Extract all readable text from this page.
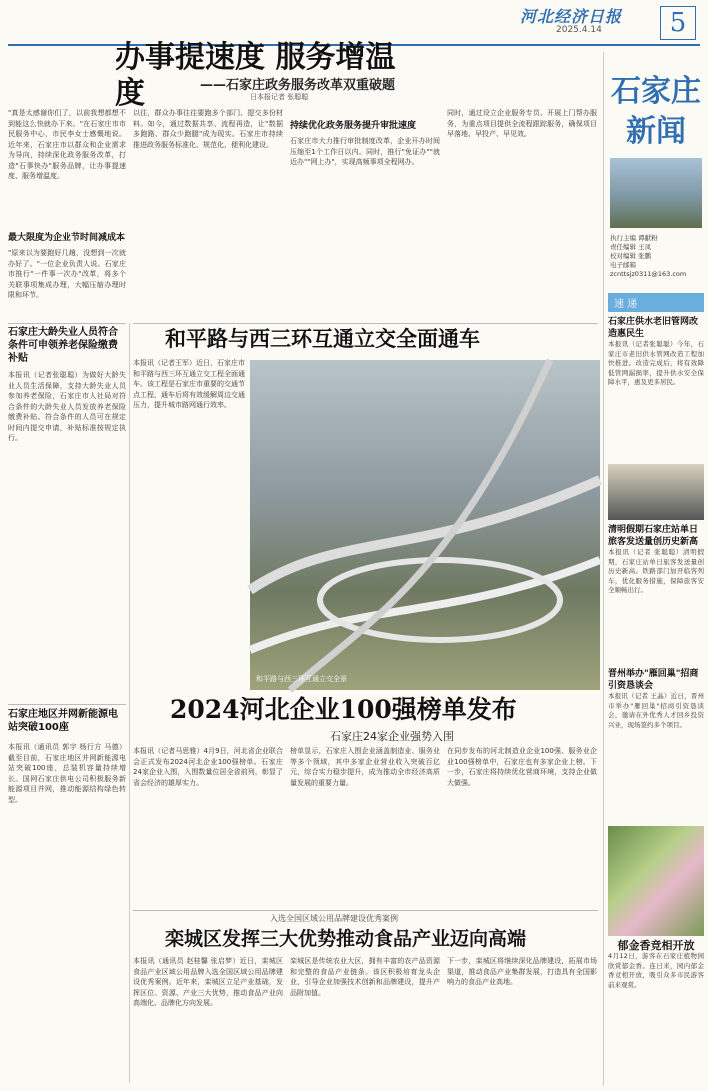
河北经济日报
2025.4.14	5
办事提速度 服务增温度	——石家庄政务服务改革双重破题
日本报记者 张聪聪
"真是太感谢你们了，以前我想都想不到能这么快就办下来。"在石家庄市市民服务中心，市民李女士感慨地说。近年来，石家庄市以群众和企业需求为导向，持续深化政务服务改革，打造"石事快办"服务品牌，让办事提速度、服务增温度。
最大限度为企业节时间减成本
"原来以为要跑好几趟，没想到一次就办好了。"一位企业负责人说。石家庄市推行"一件事一次办"改革，将多个关联事项集成办理，大幅压缩办理时限和环节。
以往，群众办事往往要跑多个部门、提交多份材料。如今，通过数据共享、流程再造，让"数据多跑路、群众少跑腿"成为现实。石家庄市持续推进政务服务标准化、规范化、便利化建设。
持续优化政务服务提升审批速度
石家庄市大力推行审批制度改革，企业开办时间压缩至1个工作日以内。同时，推行"免证办""就近办""网上办"，实现高频事项全程网办。
同时，通过设立企业服务专员、开展上门帮办服务，为重点项目提供全流程跟踪服务，确保项目早落地、早投产、早见效。
石家庄大龄失业人员符合条件可申领养老保险缴费补贴
本报讯（记者张聪聪）为做好大龄失业人员生活保障，支持大龄失业人员参加养老保险，石家庄市人社局对符合条件的大龄失业人员发放养老保险缴费补贴。符合条件的人员可在规定时间内提交申请，补贴标准按规定执行。
石家庄地区并网新能源电站突破100座
本报讯（通讯员 郭宇 杨行方 马德）截至目前，石家庄地区并网新能源电站突破100座，总装机容量持续增长。国网石家庄供电公司积极服务新能源项目并网，推动能源结构绿色转型。
和平路与西三环互通立交全面通车
本报讯（记者王军）近日，石家庄市和平路与西三环互通立交工程全面通车。该工程是石家庄市重要的交通节点工程，通车后将有效缓解周边交通压力，提升城市路网通行效率。
和平路与西三环互通立交全景
2024河北企业100强榜单发布
石家庄24家企业强势入围
本报讯（记者马思雅）4月9日，河北省企业联合会正式发布2024河北企业100强榜单。石家庄24家企业入围，入围数量位居全省前列，彰显了省会经济的雄厚实力。
榜单显示，石家庄入围企业涵盖制造业、服务业等多个领域，其中多家企业营业收入突破百亿元，综合实力稳步提升，成为推动全市经济高质量发展的重要力量。
在同步发布的河北制造业企业100强、服务业企业100强榜单中，石家庄也有多家企业上榜。下一步，石家庄将持续优化营商环境，支持企业做大做强。
入选全国区域公用品牌建设优秀案例
栾城区发挥三大优势推动食品产业迈向高端
本报讯（通讯员 赵桂馨 张启梦）近日，栾城区食品产业区域公用品牌入选全国区域公用品牌建设优秀案例。近年来，栾城区立足产业基础，发挥区位、资源、产业三大优势，推动食品产业向高端化、品牌化方向发展。
栾城区是传统农业大区，拥有丰富的农产品资源和完整的食品产业链条。该区积极培育龙头企业，引导企业加强技术创新和品牌建设，提升产品附加值。
下一步，栾城区将继续深化品牌建设，拓展市场渠道，推动食品产业集群发展，打造具有全国影响力的食品产业高地。
石家庄
新闻
执行主编 谭献粉
责任编辑 王凤
校对编辑 张鹏
电子邮箱 zcnttsjz0311@163.com
速 递
石家庄供水老旧管网改造惠民生
本报讯（记者张聪聪）今年，石家庄市老旧供水管网改造工程加快推进。改造完成后，将有效降低管网漏损率，提升供水安全保障水平，惠及更多居民。
清明假期石家庄站单日旅客发送量创历史新高
本报讯（记者 张聪聪）清明假期，石家庄站单日旅客发送量创历史新高。铁路部门加开临客列车，优化服务措施，保障旅客安全顺畅出行。
晋州举办"雁回巢"招商引资恳谈会
本报讯（记者 王晶）近日，晋州市举办"雁回巢"招商引资恳谈会，邀请在外优秀人才回乡投资兴业，现场签约多个项目。
郁金香竞相开放
4月12日，游客在石家庄植物园欣赏郁金香。连日来，园内郁金香竞相开放，吸引众多市民游客前来观赏。
